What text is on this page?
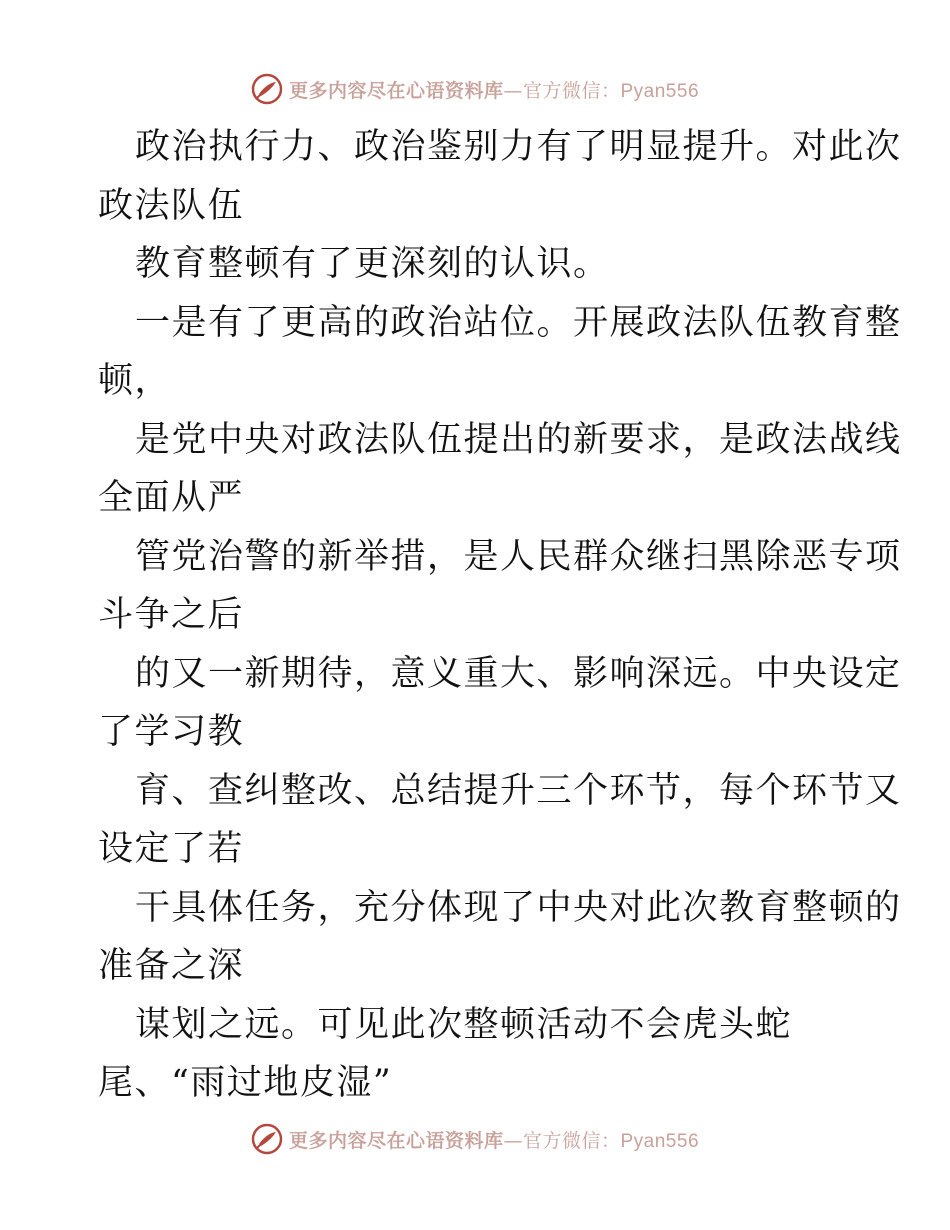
更多内容尽在心语资料库—官方微信：Pyan556
政治执行力、政治鉴别力有了明显提升。对此次
政法队伍
教育整顿有了更深刻的认识。
一是有了更高的政治站位。开展政法队伍教育整
顿，
是党中央对政法队伍提出的新要求，是政法战线
全面从严
管党治警的新举措，是人民群众继扫黑除恶专项
斗争之后
的又一新期待，意义重大、影响深远。中央设定
了学习教
育、查纠整改、总结提升三个环节，每个环节又
设定了若
干具体任务，充分体现了中央对此次教育整顿的
准备之深
谋划之远。可见此次整顿活动不会虎头蛇
尾、“雨过地皮湿”
更多内容尽在心语资料库—官方微信：Pyan556
